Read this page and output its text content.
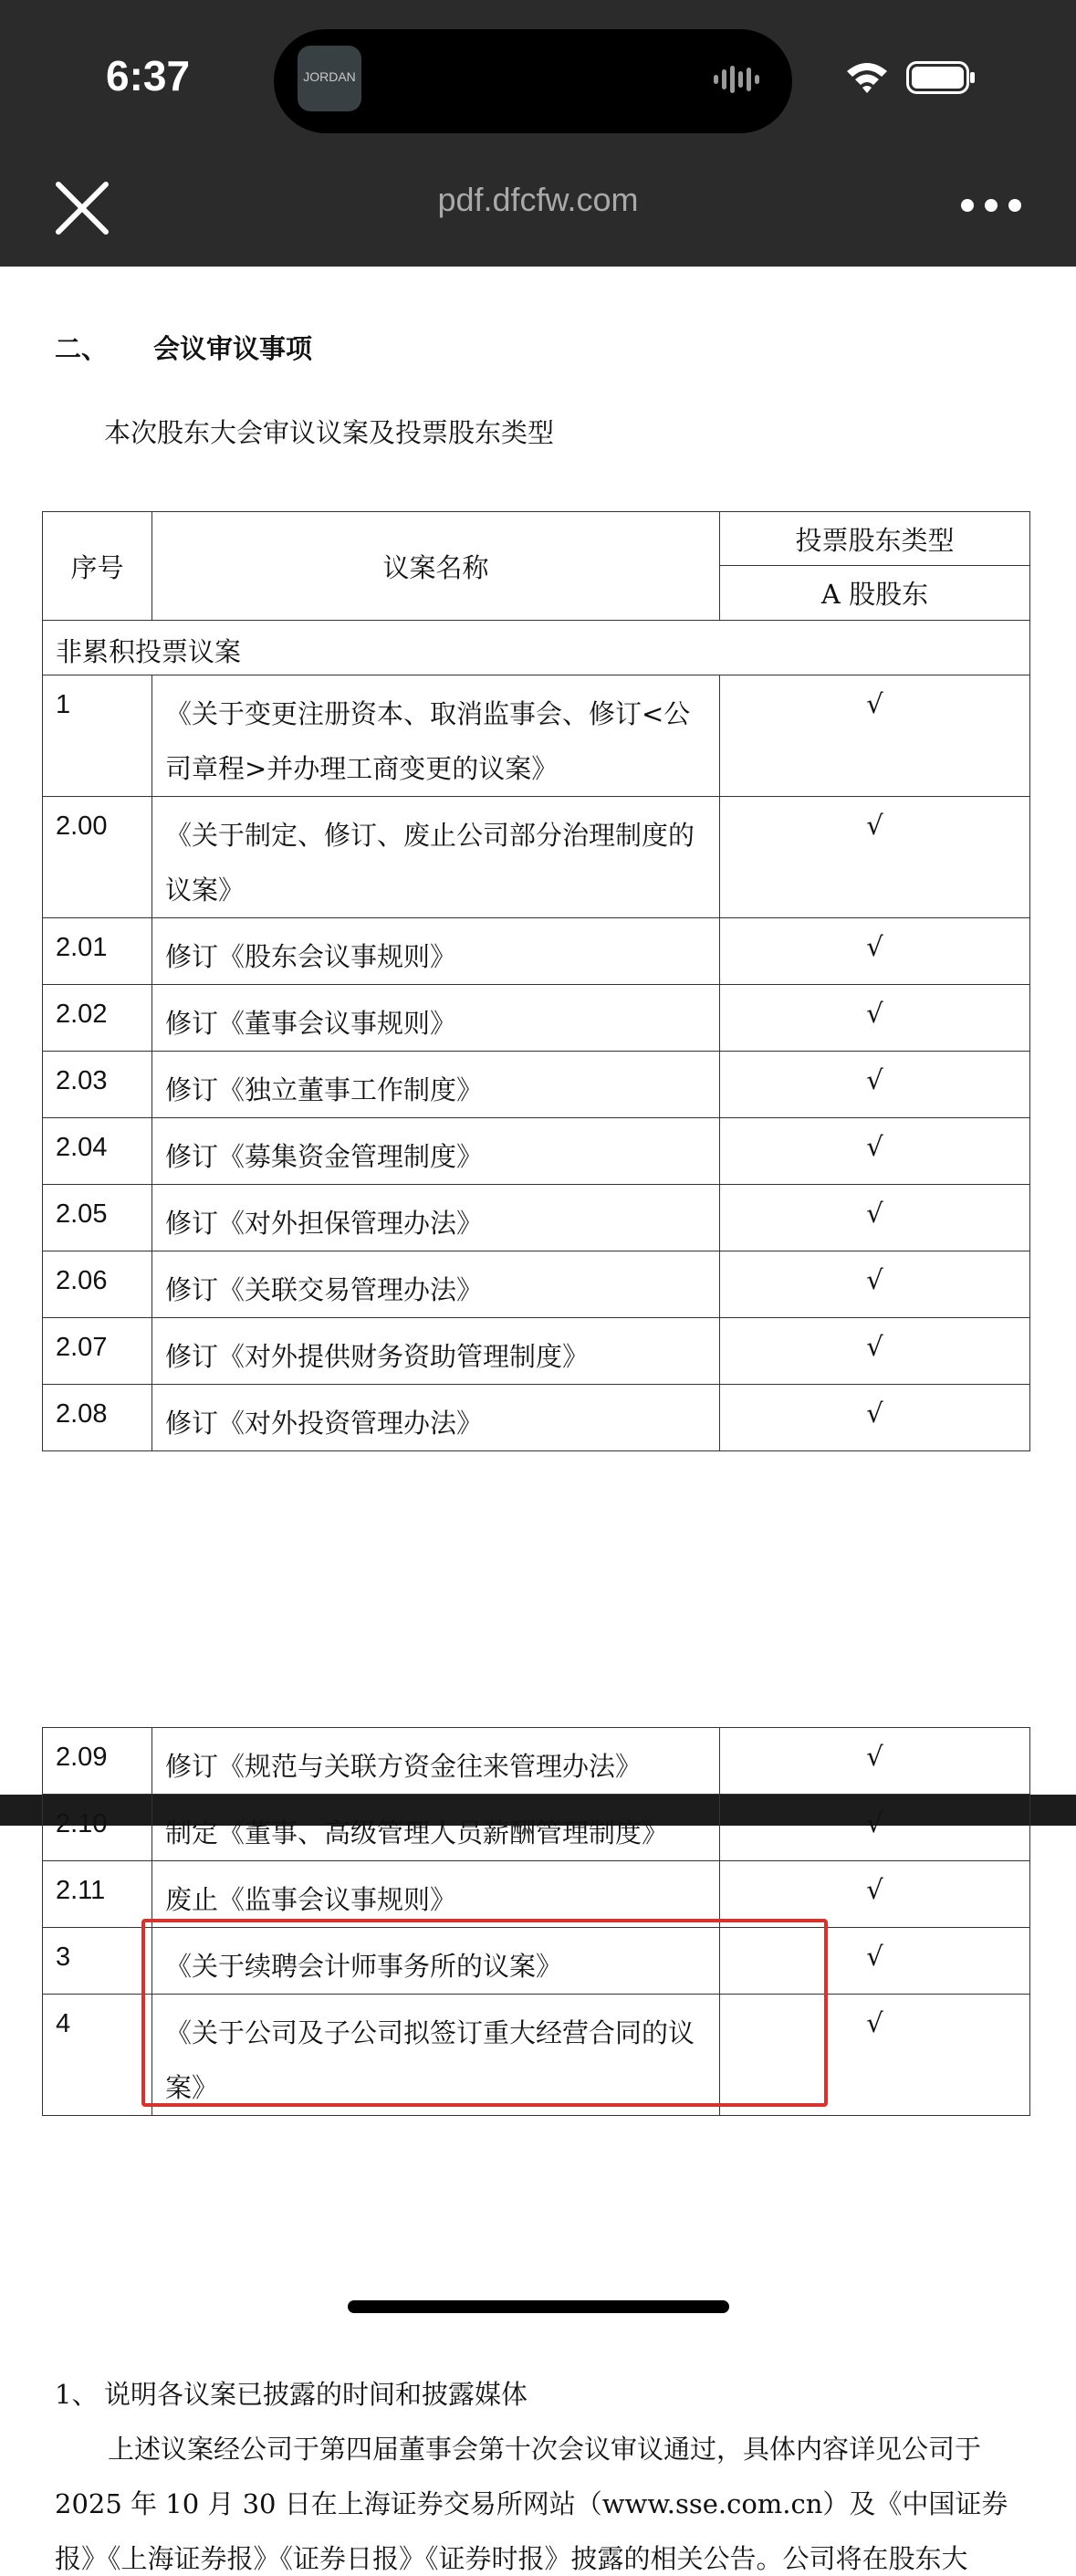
6:37	JORDAN
pdf.dfcfw.com
二、 会议审议事项
本次股东大会审议议案及投票股东类型
序号	议案名称	投票股东类型
		A 股股东
非累积投票议案		
1	《关于变更注册资本、取消监事会、修订<公
司章程>并办理工商变更的议案》	√
2.00	《关于制定、修订、废止公司部分治理制度的
议案》	√
2.01	修订《股东会议事规则》	√
2.02	修订《董事会议事规则》	√
2.03	修订《独立董事工作制度》	√
2.04	修订《募集资金管理制度》	√
2.05	修订《对外担保管理办法》	√
2.06	修订《关联交易管理办法》	√
2.07	修订《对外提供财务资助管理制度》	√
2.08	修订《对外投资管理办法》	√
2.09	修订《规范与关联方资金往来管理办法》	√
2.10	制定《董事、高级管理人员薪酬管理制度》	√
2.11	废止《监事会议事规则》	√
3	《关于续聘会计师事务所的议案》	√
4	《关于公司及子公司拟签订重大经营合同的议
案》	√
1、 说明各议案已披露的时间和披露媒体
上述议案经公司于第四届董事会第十次会议审议通过，具体内容详见公司于
2025 年 10 月 30 日在上海证券交易所网站（www.sse.com.cn）及《中国证券
报》《上海证券报》《证券日报》《证券时报》披露的相关公告。公司将在股东大
雪球：丹小小
